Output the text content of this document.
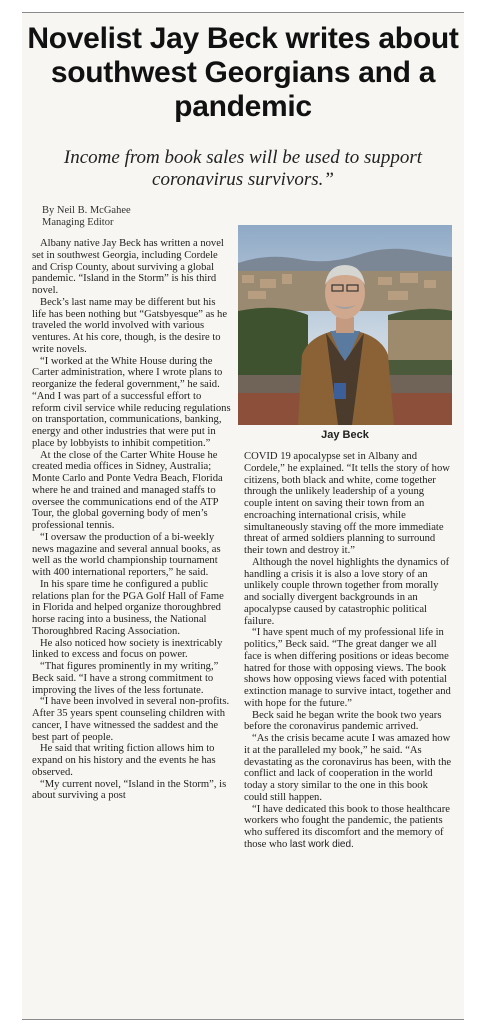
Novelist Jay Beck writes about southwest Georgians and a pandemic

Income from book sales will be used to support coronavirus survivors.”

By Neil B. McGahee
Managing Editor

Albany native Jay Beck has written a novel set in southwest Georgia, including Cordele and Crisp County, about surviving a global pandemic. “Island in the Storm” is his third novel.

Beck’s last name may be different but his life has been nothing but “Gatsbyesque” as he traveled the world involved with various ventures. At his core, though, is the desire to write novels.

“I worked at the White House during the Carter administration, where I wrote plans to reorganize the federal government,” he said. “And I was part of a successful effort to reform civil service while reducing regulations on transportation, communications, banking, energy and other industries that were put in place by lobbyists to inhibit competition.”

At the close of the Carter White House he created media offices in Sidney, Australia; Monte Carlo and Ponte Vedra Beach, Florida where he and trained and managed staffs to oversee the communications end of the ATP Tour, the global governing body of men’s professional tennis.

“I oversaw the production of a bi-weekly news magazine and several annual books, as well as the world championship tournament with 400 international reporters,” he said.

In his spare time he configured a public relations plan for the PGA Golf Hall of Fame in Florida and helped organize thoroughbred horse racing into a business, the National Thoroughbred Racing Association.

He also noticed how society is inextricably linked to excess and focus on power.

“That figures prominently in my writing,” Beck said. “I have a strong commitment to improving the lives of the less fortunate.

“I have been involved in several non-profits. After 35 years spent counseling children with cancer, I have witnessed the saddest and the best part of people.

He said that writing fiction allows him to expand on his history and the events he has observed.

“My current novel, “Island in the Storm”, is about surviving a post

Jay Beck

COVID 19 apocalypse set in Albany and Cordele,” he explained. “It tells the story of how citizens, both black and white, come together through the unlikely leadership of a young couple intent on saving their town from an encroaching international crisis, while simultaneously staving off the more immediate threat of armed soldiers planning to surround their town and destroy it.”

Although the novel highlights the dynamics of handling a crisis it is also a love story of an unlikely couple thrown together from morally and socially divergent backgrounds in an apocalypse caused by catastrophic political failure.

“I have spent much of my professional life in politics,” Beck said. “The great danger we all face is when differing positions or ideas become hatred for those with opposing views. The book shows how opposing views faced with potential extinction manage to survive intact, together and with hope for the future.”

Beck said he began write the book two years before the coronavirus pandemic arrived.

“As the crisis became acute I was amazed how it at the paralleled my book,” he said. “As devastating as the coronavirus has been, with the conflict and lack of cooperation in the world today a story similar to the one in this book could still happen.

“I have dedicated this book to those healthcare workers who fought the pandemic, the patients who suffered its discomfort and the memory of

those who last work died.
